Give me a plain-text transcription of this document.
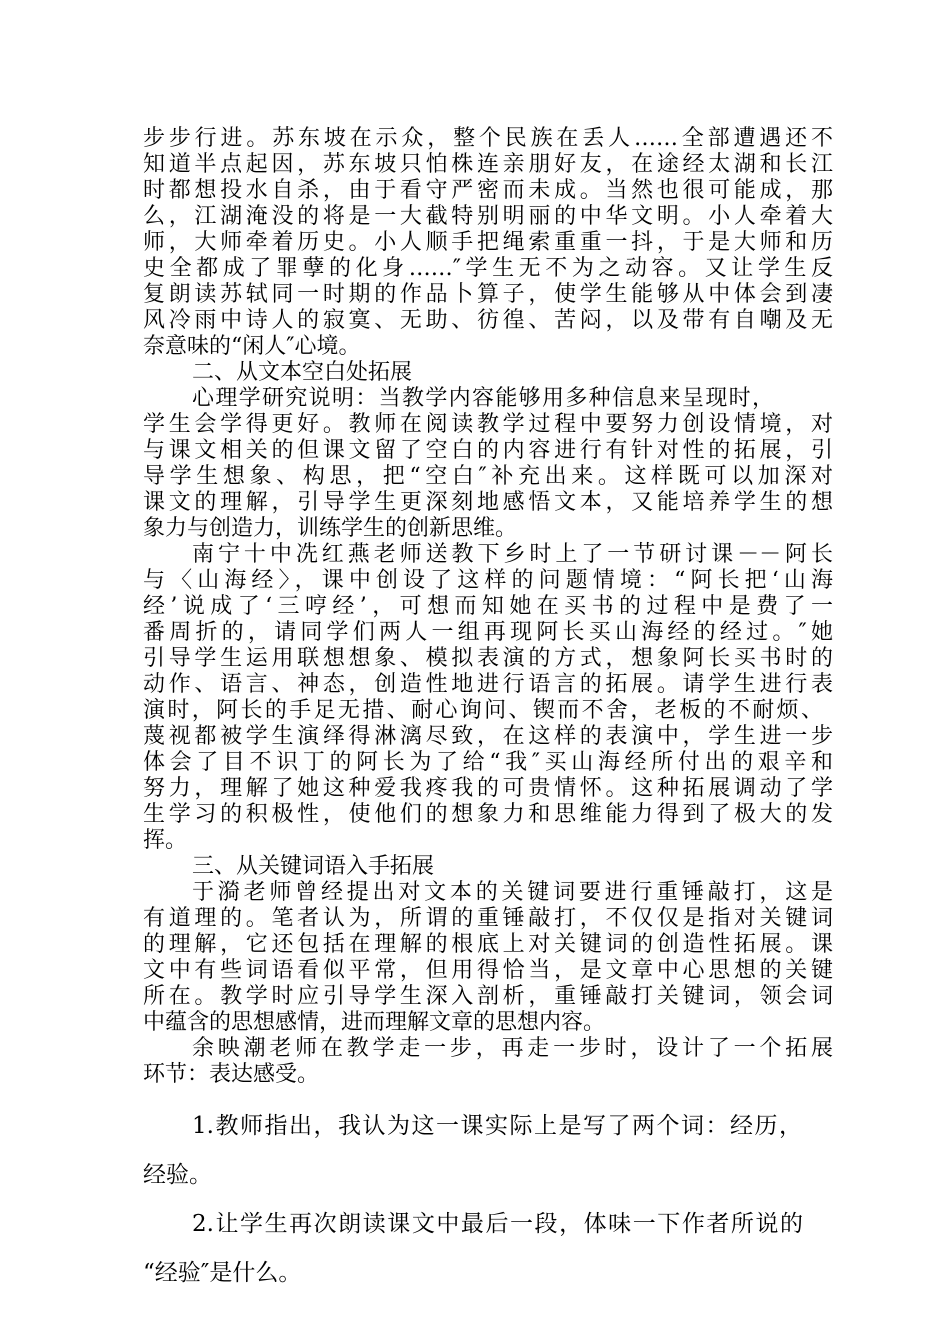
步步行进。苏东坡在示众，整个民族在丢人……全部遭遇还不
知道半点起因，苏东坡只怕株连亲朋好友，在途经太湖和长江
时都想投水自杀，由于看守严密而未成。当然也很可能成，那
么，江湖淹没的将是一大截特别明丽的中华文明。小人牵着大
师，大师牵着历史。小人顺手把绳索重重一抖，于是大师和历
史全都成了罪孽的化身……″学生无不为之动容。又让学生反
复朗读苏轼同一时期的作品卜算子，使学生能够从中体会到凄
风冷雨中诗人的寂寞、无助、彷徨、苦闷，以及带有自嘲及无
奈意味的“闲人″心境。
二、从文本空白处拓展
心理学研究说明：当教学内容能够用多种信息来呈现时，
学生会学得更好。教师在阅读教学过程中要努力创设情境，对
与课文相关的但课文留了空白的内容进行有针对性的拓展，引
导学生想象、构思，把“空白″补充出来。这样既可以加深对
课文的理解，引导学生更深刻地感悟文本，又能培养学生的想
象力与创造力，训练学生的创新思维。
南宁十中冼红燕老师送教下乡时上了一节研讨课－－阿长
与〈山海经〉，课中创设了这样的问题情境：“阿长把‘山海
经’说成了‘三哼经’，可想而知她在买书的过程中是费了一
番周折的，请同学们两人一组再现阿长买山海经的经过。″她
引导学生运用联想想象、模拟表演的方式，想象阿长买书时的
动作、语言、神态，创造性地进行语言的拓展。请学生进行表
演时，阿长的手足无措、耐心询问、锲而不舍，老板的不耐烦、
蔑视都被学生演绎得淋漓尽致，在这样的表演中，学生进一步
体会了目不识丁的阿长为了给“我″买山海经所付出的艰辛和
努力，理解了她这种爱我疼我的可贵情怀。这种拓展调动了学
生学习的积极性，使他们的想象力和思维能力得到了极大的发
挥。
三、从关键词语入手拓展
于漪老师曾经提出对文本的关键词要进行重锤敲打，这是
有道理的。笔者认为，所谓的重锤敲打，不仅仅是指对关键词
的理解，它还包括在理解的根底上对关键词的创造性拓展。课
文中有些词语看似平常，但用得恰当，是文章中心思想的关键
所在。教学时应引导学生深入剖析，重锤敲打关键词，领会词
中蕴含的思想感情，进而理解文章的思想内容。
余映潮老师在教学走一步，再走一步时，设计了一个拓展
环节：表达感受。
1.教师指出，我认为这一课实际上是写了两个词：经历，
经验。
2.让学生再次朗读课文中最后一段，体味一下作者所说的
“经验″是什么。
